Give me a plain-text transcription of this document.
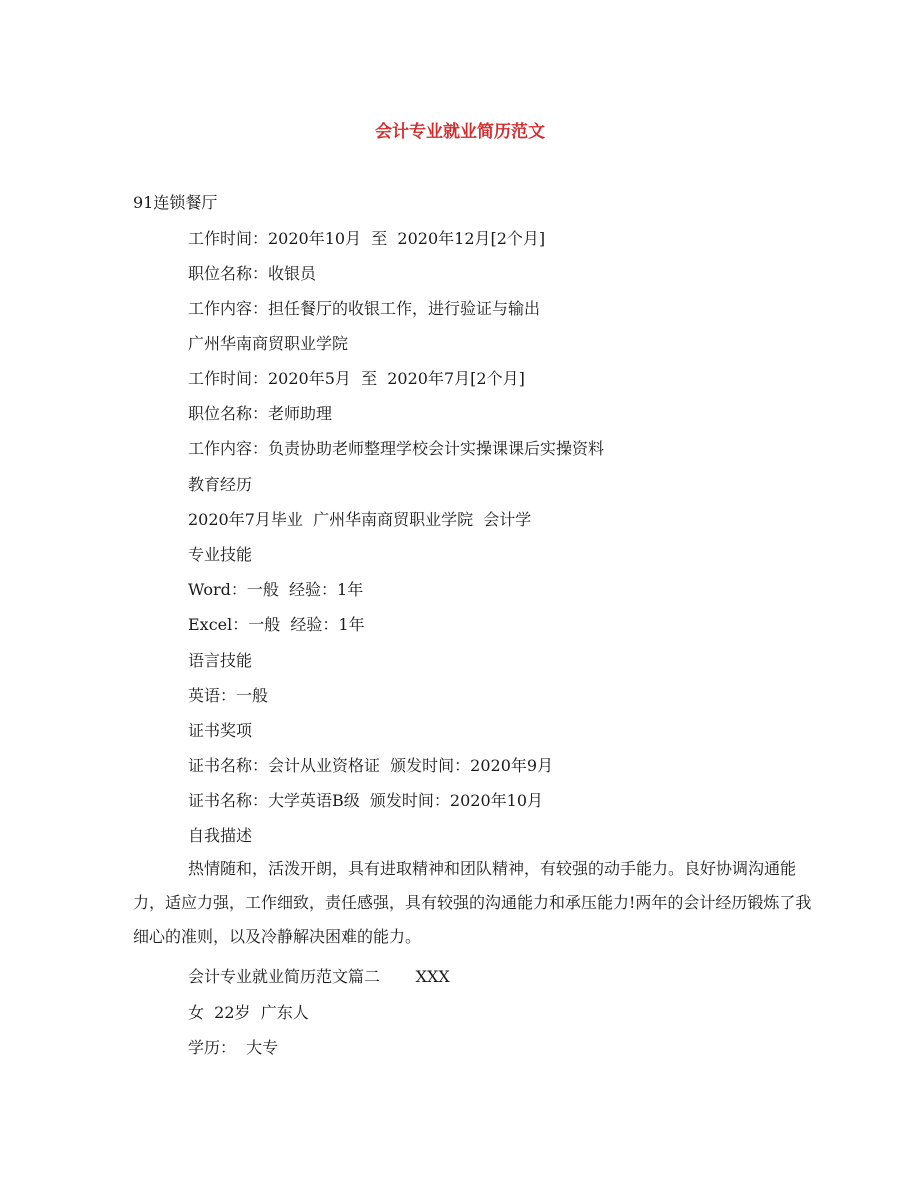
会计专业就业简历范文
91连锁餐厅
工作时间：2020年10月  至  2020年12月[2个月]
职位名称：收银员
工作内容：担任餐厅的收银工作，进行验证与输出
广州华南商贸职业学院
工作时间：2020年5月  至  2020年7月[2个月]
职位名称：老师助理
工作内容：负责协助老师整理学校会计实操课课后实操资料
教育经历
2020年7月毕业  广州华南商贸职业学院  会计学
专业技能
Word：一般  经验：1年
Excel：一般  经验：1年
语言技能
英语：一般
证书奖项
证书名称：会计从业资格证  颁发时间：2020年9月
证书名称：大学英语B级  颁发时间：2020年10月
自我描述
热情随和，活泼开朗，具有进取精神和团队精神，有较强的动手能力。良好协调沟通能力，适应力强，工作细致，责任感强，具有较强的沟通能力和承压能力!两年的会计经历锻炼了我细心的准则，以及冷静解决困难的能力。
会计专业就业简历范文篇二       XXX
女  22岁  广东人
学历：  大专
